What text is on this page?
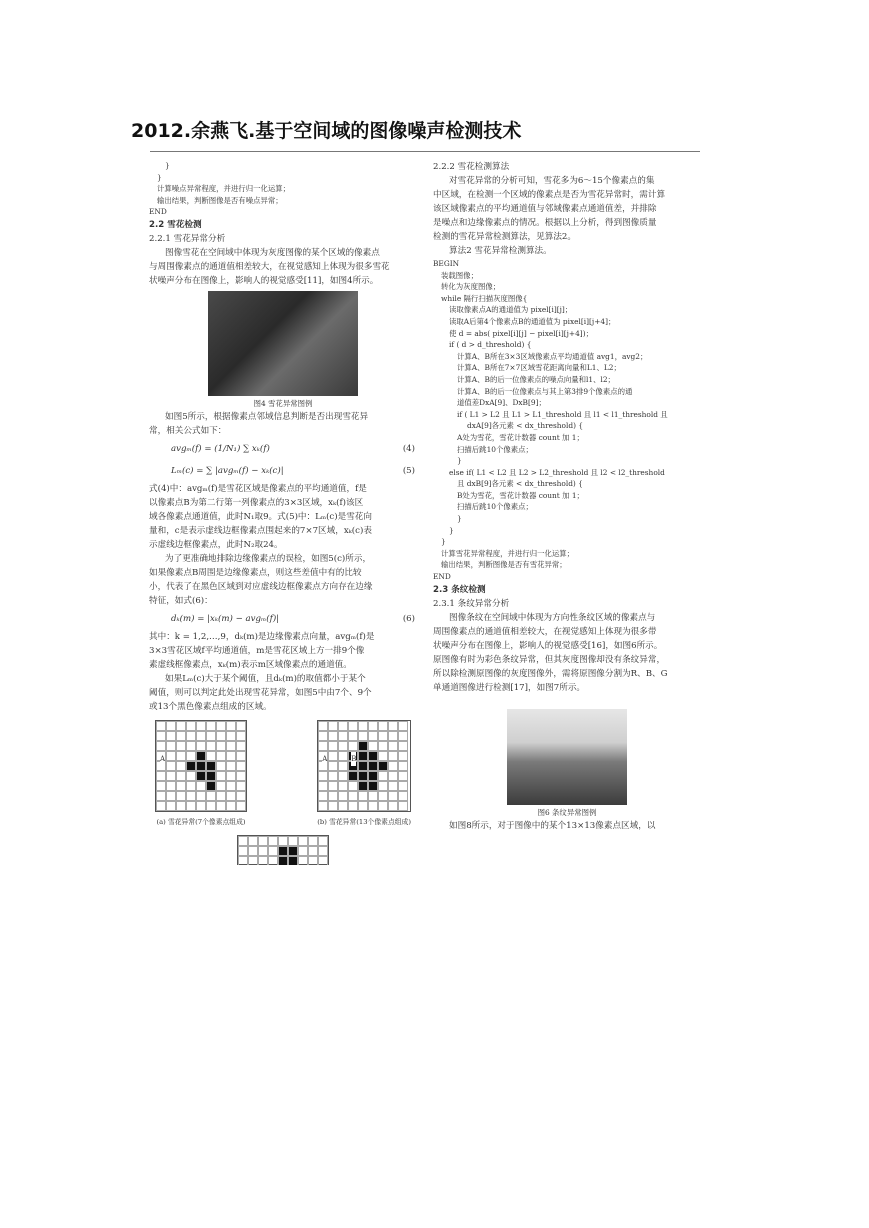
2012.余燕飞.基于空间域的图像噪声检测技术
}
}
计算噪点异常程度，并进行归一化运算；
输出结果，判断图像是否有噪点异常；
END
2.2 雪花检测
2.2.1 雪花异常分析
图像雪花在空间域中体现为灰度图像的某个区域的像素点
与周围像素点的通道值相差较大，在视觉感知上体现为很多雪花
状噪声分布在图像上，影响人的视觉感受[11]，如图4所示。
图4 雪花异常图例
如图5所示，根据像素点邻域信息判断是否出现雪花异
常，相关公式如下：
avgₘ(f) = (1/N₁) ∑ xₖ(f)	(4)
Lₘ(c) = ∑ |avgₘ(f) − xₖ(c)|	(5)
式(4)中：avgₘ(f)是雪花区域是像素点的平均通道值，f是
以像素点B为第二行第一列像素点的3×3区域，xₖ(f)该区
域各像素点通道值，此时N₁取9。式(5)中：Lₘ(c)是雪花向
量和，c是表示虚线边框像素点围起来的7×7区域，xₖ(c)表
示虚线边框像素点，此时N₂取24。
为了更准确地排除边缘像素点的误检，如图5(c)所示，
如果像素点B周围是边缘像素点，则这些差值中有的比较
小，代表了在黑色区域到对应虚线边框像素点方向存在边缘
特征，如式(6)：
dₖ(m) = |xₖ(m) − avgₘ(f)|	(6)
其中：k = 1,2,…,9，dₖ(m)是边缘像素点向量，avgₘ(f)是
3×3雪花区域f平均通道值，m是雪花区域上方一排9个像
素虚线框像素点，xₖ(m)表示m区域像素点的通道值。
如果Lₘ(c)大于某个阈值，且dₖ(m)的取值都小于某个
阈值，则可以判定此处出现雪花异常，如图5中由7个、9个
或13个黑色像素点组成的区域。
A
(a) 雪花异常(7个像素点组成)
A	B
(b) 雪花异常(13个像素点组成)
2.2.2 雪花检测算法
对雪花异常的分析可知，雪花多为6～15个像素点的集
中区域，在检测一个区域的像素点是否为雪花异常时，需计算
该区域像素点的平均通道值与邻域像素点通道值差，并排除
是噪点和边缘像素点的情况。根据以上分析，得到图像质量
检测的雪花异常检测算法，见算法2。
算法2 雪花异常检测算法。
BEGIN
装载图像；
转化为灰度图像；
while 隔行扫描灰度图像{
读取像素点A的通道值为 pixel[i][j]；
读取A后第4个像素点B的通道值为 pixel[i][j+4]；
使 d = abs( pixel[i][j] − pixel[i][j+4])；
if ( d > d_threshold) {
计算A、B所在3×3区域像素点平均通道值 avg1，avg2；
计算A、B所在7×7区域雪花距离向量和L1、L2；
计算A、B的后一位像素点的噪点向量和l1、l2；
计算A、B的后一位像素点与其上第3排9个像素点的通
道值差DxA[9]、DxB[9]；
if ( L1 > L2 且 L1 > L1_threshold 且 l1 < l1_threshold 且
dxA[9]各元素 < dx_threshold) {
A处为雪花，雪花计数器 count 加 1；
扫描后跳10个像素点；
}
else if( L1 < L2 且 L2 > L2_threshold 且 l2 < l2_threshold
且 dxB[9]各元素 < dx_threshold) {
B处为雪花，雪花计数器 count 加 1；
扫描后跳10个像素点；
}
}
}
计算雪花异常程度，并进行归一化运算；
输出结果，判断图像是否有雪花异常；
END
2.3 条纹检测
2.3.1 条纹异常分析
图像条纹在空间域中体现为方向性条纹区域的像素点与
周围像素点的通道值相差较大，在视觉感知上体现为很多带
状噪声分布在图像上，影响人的视觉感受[16]，如图6所示。
原图像有时为彩色条纹异常，但其灰度图像却没有条纹异常，
所以除检测原图像的灰度图像外，需将原图像分割为R、B、G
单通道图像进行检测[17]，如图7所示。
图6 条纹异常图例
如图8所示，对于图像中的某个13×13像素点区域，以
